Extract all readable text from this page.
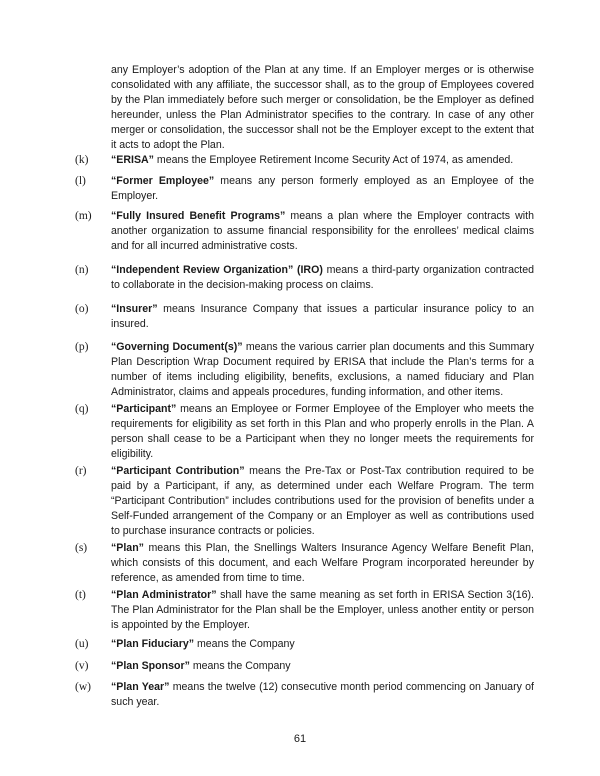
any Employer’s adoption of the Plan at any time. If an Employer merges or is otherwise consolidated with any affiliate, the successor shall, as to the group of Employees covered by the Plan immediately before such merger or consolidation, be the Employer as defined hereunder, unless the Plan Administrator specifies to the contrary. In case of any other merger or consolidation, the successor shall not be the Employer except to the extent that it acts to adopt the Plan.
(k) “ERISA” means the Employee Retirement Income Security Act of 1974, as amended.
(l) “Former Employee” means any person formerly employed as an Employee of the Employer.
(m) “Fully Insured Benefit Programs” means a plan where the Employer contracts with another organization to assume financial responsibility for the enrollees’ medical claims and for all incurred administrative costs.
(n) “Independent Review Organization” (IRO) means a third-party organization contracted to collaborate in the decision-making process on claims.
(o) “Insurer” means Insurance Company that issues a particular insurance policy to an insured.
(p) “Governing Document(s)” means the various carrier plan documents and this Summary Plan Description Wrap Document required by ERISA that include the Plan’s terms for a number of items including eligibility, benefits, exclusions, a named fiduciary and Plan Administrator, claims and appeals procedures, funding information, and other items.
(q) “Participant” means an Employee or Former Employee of the Employer who meets the requirements for eligibility as set forth in this Plan and who properly enrolls in the Plan. A person shall cease to be a Participant when they no longer meets the requirements for eligibility.
(r) “Participant Contribution” means the Pre-Tax or Post-Tax contribution required to be paid by a Participant, if any, as determined under each Welfare Program. The term “Participant Contribution” includes contributions used for the provision of benefits under a Self-Funded arrangement of the Company or an Employer as well as contributions used to purchase insurance contracts or policies.
(s) “Plan” means this Plan, the Snellings Walters Insurance Agency Welfare Benefit Plan, which consists of this document, and each Welfare Program incorporated hereunder by reference, as amended from time to time.
(t) “Plan Administrator” shall have the same meaning as set forth in ERISA Section 3(16). The Plan Administrator for the Plan shall be the Employer, unless another entity or person is appointed by the Employer.
(u) “Plan Fiduciary” means the Company
(v) “Plan Sponsor” means the Company
(w) “Plan Year” means the twelve (12) consecutive month period commencing on January of such year.
61
